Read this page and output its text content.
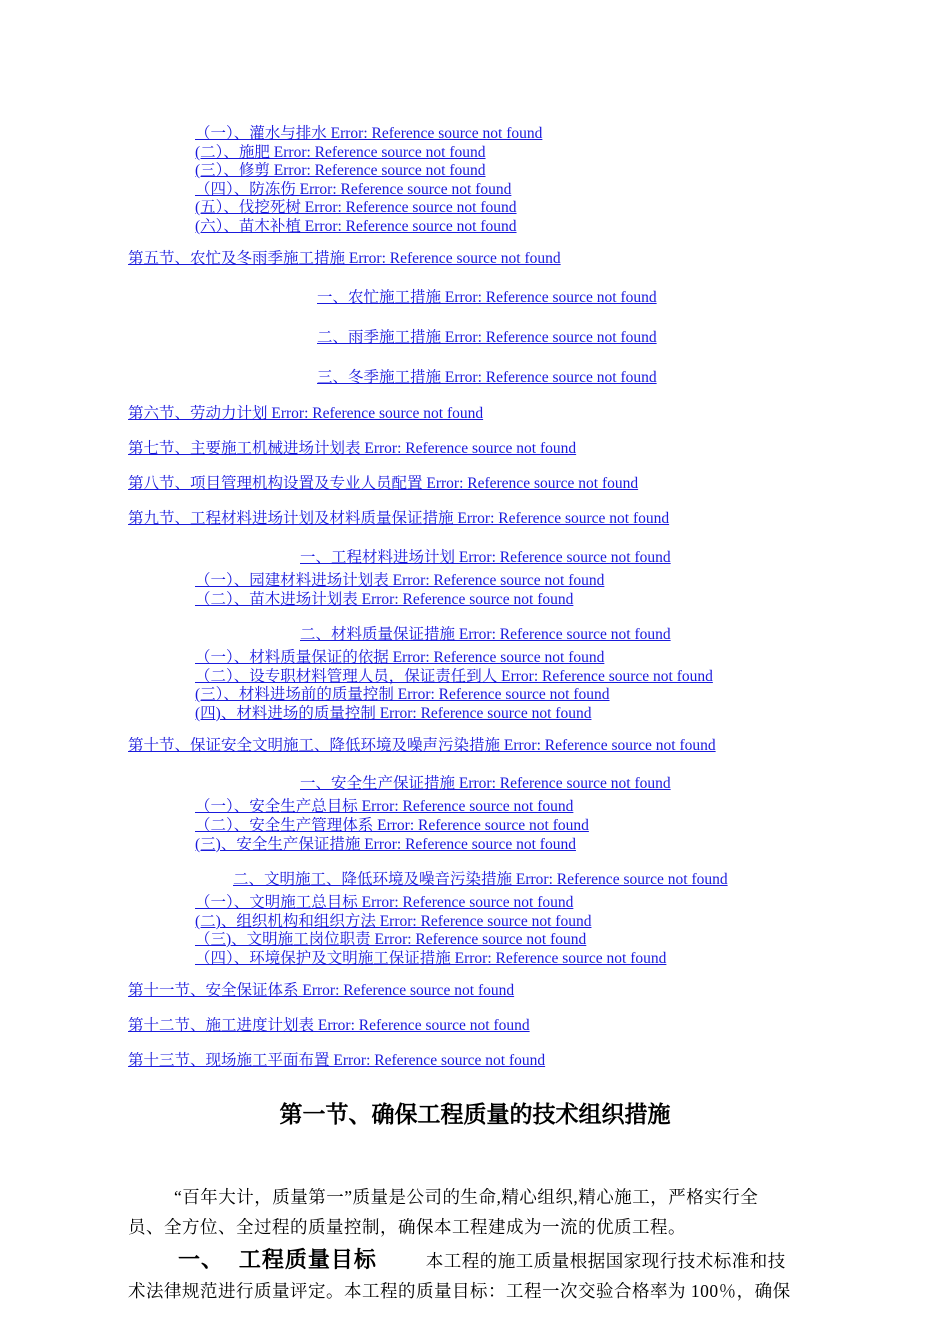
（一）、灌水与排水 Error: Reference source not found
(二）、施肥 Error: Reference source not found
(三）、修剪 Error: Reference source not found
（四）、防冻伤 Error: Reference source not found
(五）、伐挖死树 Error: Reference source not found
(六）、苗木补植 Error: Reference source not found
第五节、农忙及冬雨季施工措施 Error: Reference source not found
一、农忙施工措施 Error: Reference source not found
二、雨季施工措施 Error: Reference source not found
三、冬季施工措施 Error: Reference source not found
第六节、劳动力计划 Error: Reference source not found
第七节、主要施工机械进场计划表 Error: Reference source not found
第八节、项目管理机构设置及专业人员配置 Error: Reference source not found
第九节、工程材料进场计划及材料质量保证措施 Error: Reference source not found
一、工程材料进场计划 Error: Reference source not found
（一）、园建材料进场计划表 Error: Reference source not found
（二）、苗木进场计划表 Error: Reference source not found
二、材料质量保证措施 Error: Reference source not found
（一）、材料质量保证的依据 Error: Reference source not found
（二）、设专职材料管理人员，保证责任到人 Error: Reference source not found
(三）、材料进场前的质量控制 Error: Reference source not found
(四)、材料进场的质量控制 Error: Reference source not found
第十节、保证安全文明施工、降低环境及噪声污染措施 Error: Reference source not found
一、安全生产保证措施 Error: Reference source not found
（一）、安全生产总目标 Error: Reference source not found
（二）、安全生产管理体系 Error: Reference source not found
(三)、安全生产保证措施 Error: Reference source not found
二、文明施工、降低环境及噪音污染措施 Error: Reference source not found
（一）、文明施工总目标 Error: Reference source not found
(二)、组织机构和组织方法 Error: Reference source not found
（三)、文明施工岗位职责 Error: Reference source not found
（四）、环境保护及文明施工保证措施 Error: Reference source not found
第十一节、安全保证体系 Error: Reference source not found
第十二节、施工进度计划表 Error: Reference source not found
第十三节、现场施工平面布置 Error: Reference source not found
第一节、确保工程质量的技术组织措施
“百年大计，质量第一”质量是公司的生命,精心组织,精心施工，严格实行全
员、全方位、全过程的质量控制，确保本工程建成为一流的优质工程。
一、 工程质量目标	本工程的施工质量根据国家现行技术标准和技
术法律规范进行质量评定。本工程的质量目标：工程一次交验合格率为 100％，确保
